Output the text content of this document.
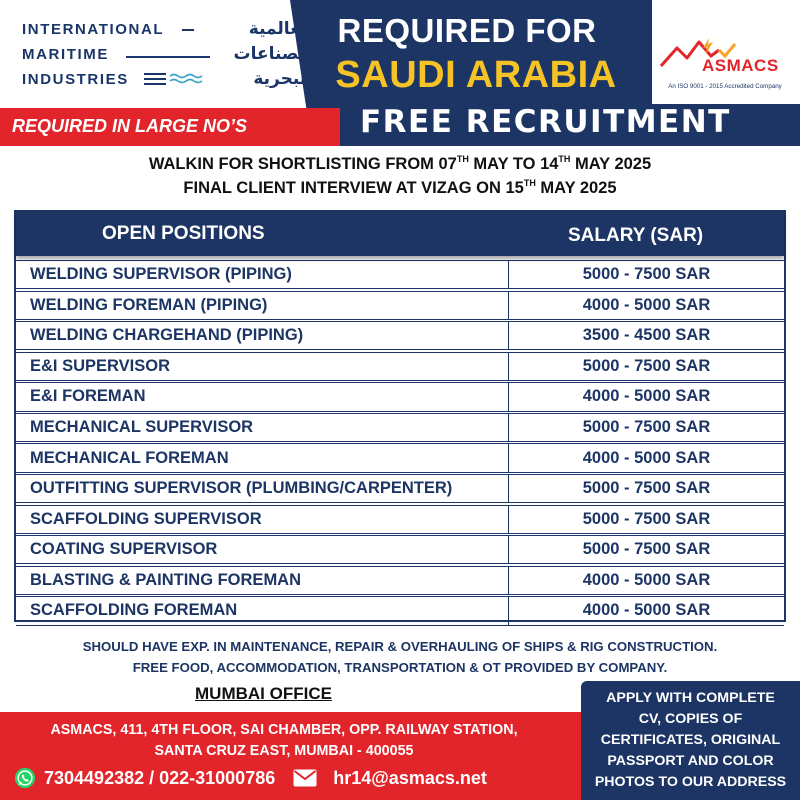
INTERNATIONAL	العالمية
MARITIME	للصناعات
INDUSTRIES	البحرية
REQUIRED FOR
SAUDI ARABIA	ASMACS
An ISO 9001 - 2015 Accredited Company
REQUIRED IN LARGE NO’S	FREE RECRUITMENT
WALKIN FOR SHORTLISTING FROM 07TH MAY TO 14TH MAY 2025
FINAL CLIENT INTERVIEW AT VIZAG ON 15TH MAY 2025
OPEN POSITIONS	SALARY (SAR)
WELDING SUPERVISOR (PIPING)	5000 - 7500 SAR
WELDING FOREMAN (PIPING)	4000 - 5000 SAR
WELDING CHARGEHAND (PIPING)	3500 - 4500 SAR
E&I SUPERVISOR	5000 - 7500 SAR
E&I FOREMAN	4000 - 5000 SAR
MECHANICAL SUPERVISOR	5000 - 7500 SAR
MECHANICAL FOREMAN	4000 - 5000 SAR
OUTFITTING SUPERVISOR (PLUMBING/CARPENTER)	5000 - 7500 SAR
SCAFFOLDING SUPERVISOR	5000 - 7500 SAR
COATING SUPERVISOR	5000 - 7500 SAR
BLASTING & PAINTING FOREMAN	4000 - 5000 SAR
SCAFFOLDING FOREMAN	4000 - 5000 SAR
SHOULD HAVE EXP. IN MAINTENANCE, REPAIR & OVERHAULING OF SHIPS & RIG CONSTRUCTION.
FREE FOOD, ACCOMMODATION, TRANSPORTATION & OT PROVIDED BY COMPANY.
MUMBAI OFFICE
ASMACS, 411, 4TH FLOOR, SAI CHAMBER, OPP. RAILWAY STATION,
SANTA CRUZ EAST, MUMBAI - 400055
7304492382 / 022-31000786	hr14@asmacs.net
APPLY WITH COMPLETE
CV, COPIES OF
CERTIFICATES, ORIGINAL
PASSPORT AND COLOR
PHOTOS TO OUR ADDRESS
